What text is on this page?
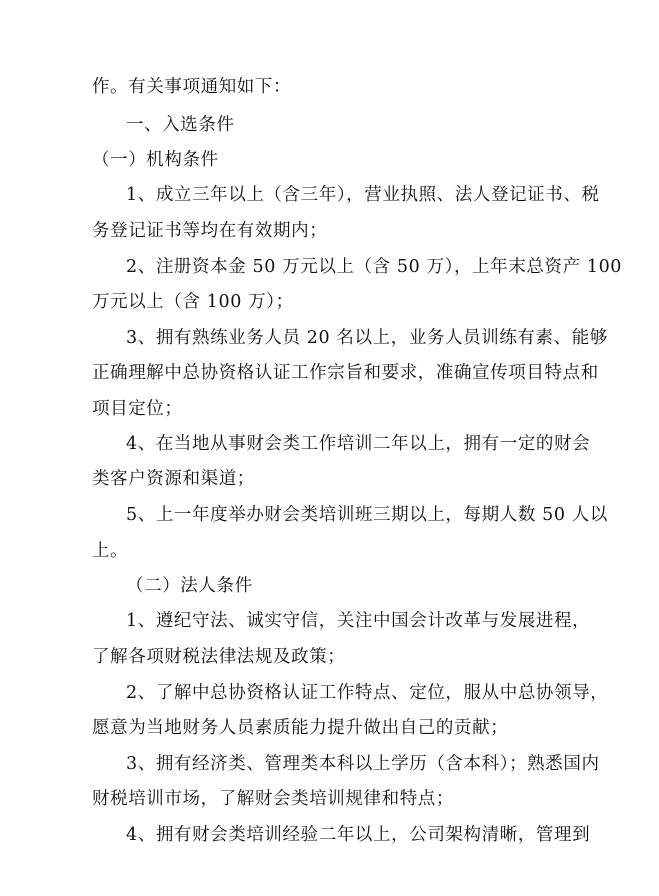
作。有关事项通知如下：
一、入选条件
（一）机构条件
1、成立三年以上（含三年），营业执照、法人登记证书、税
务登记证书等均在有效期内；
2、注册资本金 50 万元以上（含 50 万），上年末总资产 100
万元以上（含 100 万）；
3、拥有熟练业务人员 20 名以上，业务人员训练有素、能够
正确理解中总协资格认证工作宗旨和要求，准确宣传项目特点和
项目定位；
4、在当地从事财会类工作培训二年以上，拥有一定的财会
类客户资源和渠道；
5、上一年度举办财会类培训班三期以上，每期人数 50 人以
上。
（二）法人条件
1、遵纪守法、诚实守信，关注中国会计改革与发展进程，
了解各项财税法律法规及政策；
2、了解中总协资格认证工作特点、定位，服从中总协领导，
愿意为当地财务人员素质能力提升做出自己的贡献；
3、拥有经济类、管理类本科以上学历（含本科）；熟悉国内
财税培训市场，了解财会类培训规律和特点；
4、拥有财会类培训经验二年以上，公司架构清晰，管理到
